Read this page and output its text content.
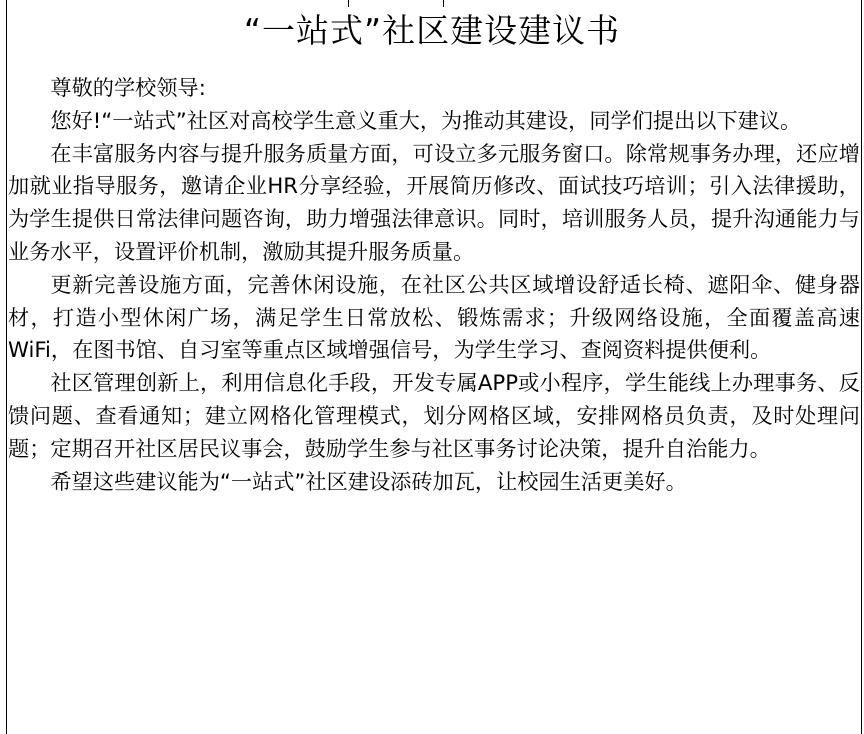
“一站式”社区建设建议书

尊敬的学校领导:

您好!“一站式”社区对高校学生意义重大，为推动其建设，同学们提出以下建议。

在丰富服务内容与提升服务质量方面，可设立多元服务窗口。除常规事务办理，还应增加就业指导服务，邀请企业HR分享经验，开展简历修改、面试技巧培训；引入法律援助，为学生提供日常法律问题咨询，助力增强法律意识。同时，培训服务人员，提升沟通能力与业务水平，设置评价机制，激励其提升服务质量。

更新完善设施方面，完善休闲设施，在社区公共区域增设舒适长椅、遮阳伞、健身器材，打造小型休闲广场，满足学生日常放松、锻炼需求；升级网络设施，全面覆盖高速WiFi，在图书馆、自习室等重点区域增强信号，为学生学习、查阅资料提供便利。

社区管理创新上，利用信息化手段，开发专属APP或小程序，学生能线上办理事务、反馈问题、查看通知；建立网格化管理模式，划分网格区域，安排网格员负责，及时处理问题；定期召开社区居民议事会，鼓励学生参与社区事务讨论决策，提升自治能力。

希望这些建议能为“一站式”社区建设添砖加瓦，让校园生活更美好。
